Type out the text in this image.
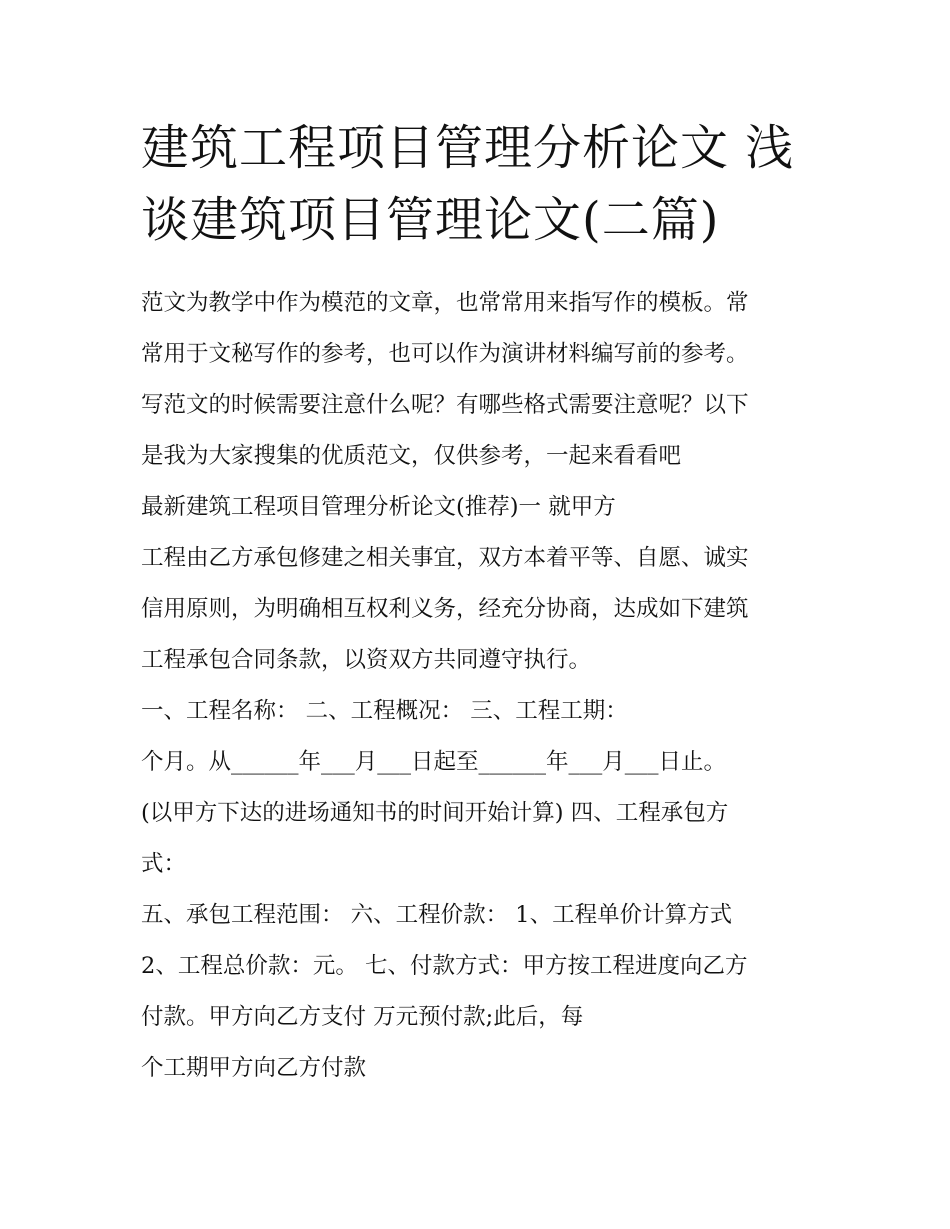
建筑工程项目管理分析论文 浅
谈建筑项目管理论文(二篇)

范文为教学中作为模范的文章，也常常用来指写作的模板。常

常用于文秘写作的参考，也可以作为演讲材料编写前的参考。

写范文的时候需要注意什么呢？有哪些格式需要注意呢？以下

是我为大家搜集的优质范文，仅供参考，一起来看看吧

最新建筑工程项目管理分析论文(推荐)一 就甲方

工程由乙方承包修建之相关事宜，双方本着平等、自愿、诚实

信用原则，为明确相互权利义务，经充分协商，达成如下建筑

工程承包合同条款，以资双方共同遵守执行。

一、工程名称： 二、工程概况： 三、工程工期：

个月。从______年___月___日起至______年___月___日止。

(以甲方下达的进场通知书的时间开始计算) 四、工程承包方

式：

五、承包工程范围： 六、工程价款： 1、工程单价计算方式

2、工程总价款：元。 七、付款方式：甲方按工程进度向乙方

付款。甲方向乙方支付 万元预付款;此后，每

个工期甲方向乙方付款
